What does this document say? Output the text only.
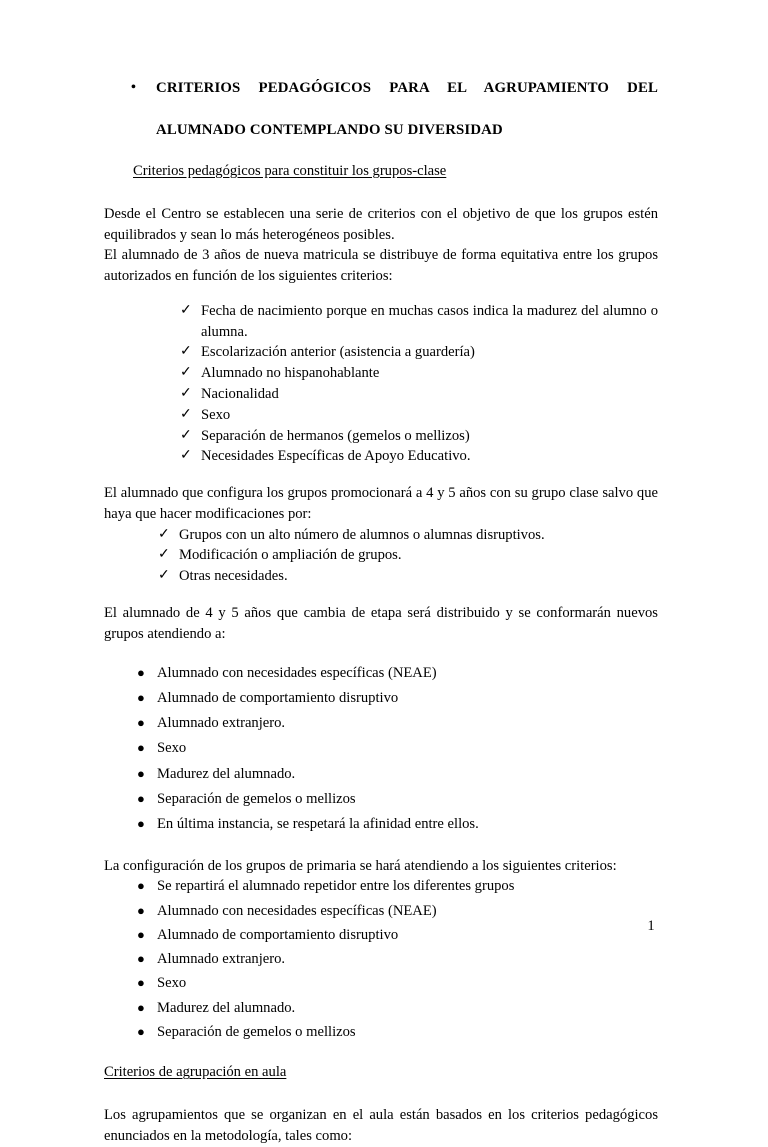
•	CRITERIOS PEDAGÓGICOS PARA EL AGRUPAMIENTO DEL
ALUMNADO CONTEMPLANDO SU DIVERSIDAD
Criterios pedagógicos para constituir los grupos-clase

Desde el Centro se establecen una serie de criterios con el objetivo de que los grupos estén equilibrados y sean lo más heterogéneos posibles.

El alumnado de 3 años de nueva matricula se distribuye de forma equitativa entre los grupos autorizados en función de los siguientes criterios:

✓ Fecha de nacimiento porque en muchas casos indica la madurez del alumno o alumna.
✓ Escolarización anterior (asistencia a guardería)
✓ Alumnado no hispanohablante
✓ Nacionalidad
✓ Sexo
✓ Separación de hermanos (gemelos o mellizos)
✓ Necesidades Específicas de Apoyo Educativo.

El alumnado que configura los grupos promocionará a 4 y 5 años con su grupo clase salvo que haya que hacer modificaciones por:

✓ Grupos con un alto número de alumnos o alumnas disruptivos.
✓ Modificación o ampliación de grupos.
✓ Otras necesidades.

El alumnado de 4 y 5 años que cambia de etapa será distribuido y se conformarán nuevos grupos atendiendo a:

● Alumnado con necesidades específicas (NEAE)
● Alumnado de comportamiento disruptivo
● Alumnado extranjero.
● Sexo
● Madurez del alumnado.
● Separación de gemelos o mellizos
● En última instancia, se respetará la afinidad entre ellos.

La configuración de los grupos de primaria se hará atendiendo a los siguientes criterios:

● Se repartirá el alumnado repetidor entre los diferentes grupos
● Alumnado con necesidades específicas (NEAE)
● Alumnado de comportamiento disruptivo
● Alumnado extranjero.
● Sexo
● Madurez del alumnado.
● Separación de gemelos o mellizos
Criterios de agrupación en aula

Los agrupamientos que se organizan en el aula están basados en los criterios pedagógicos enunciados en la metodología, tales como:

1
